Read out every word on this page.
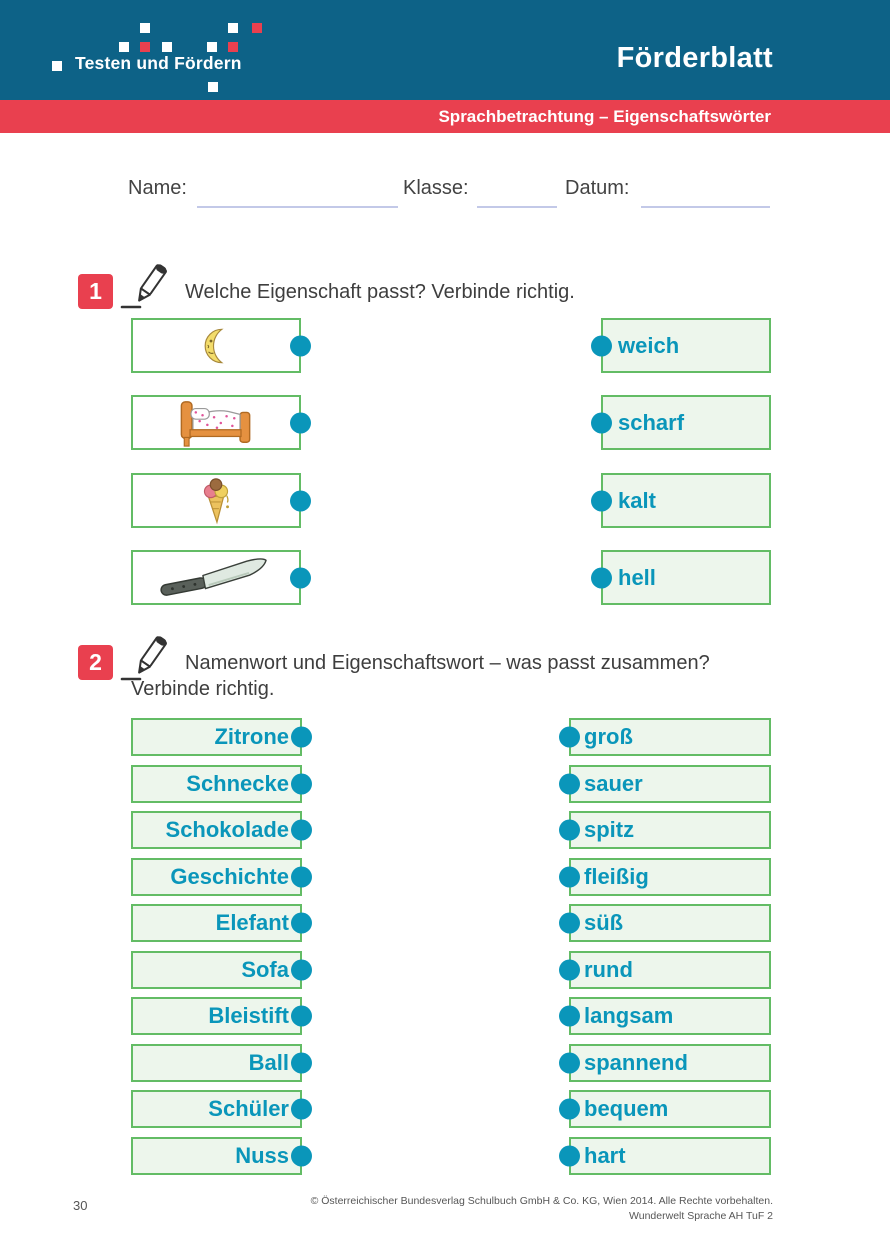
Testen und Fördern	Förderblatt
Sprachbetrachtung – Eigenschaftswörter
Name:	Klasse:	Datum:
1	Welche Eigenschaft passt? Verbinde richtig.
weich
scharf
kalt
hell
2	Namenwort und Eigenschaftswort – was passt zusammen?
Verbinde richtig.
Zitrone
Schnecke
Schokolade
Geschichte
Elefant
Sofa
Bleistift
Ball
Schüler
Nuss
groß
sauer
spitz
fleißig
süß
rund
langsam
spannend
bequem
hart
30	© Österreichischer Bundesverlag Schulbuch GmbH & Co. KG, Wien 2014. Alle Rechte vorbehalten.
Wunderwelt Sprache AH TuF 2
